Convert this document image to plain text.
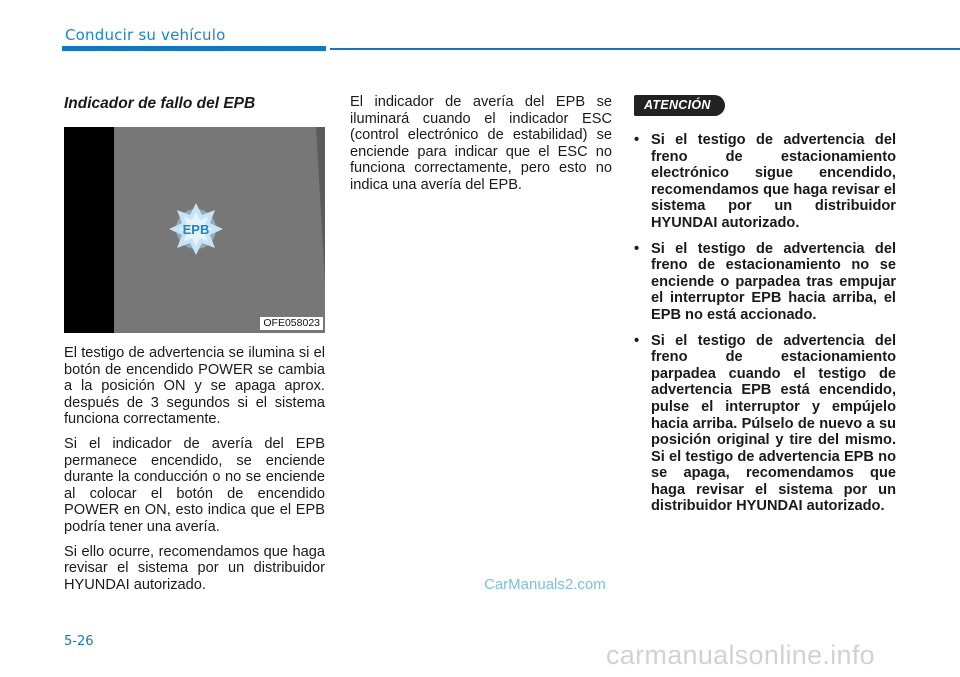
Conducir su vehículo
Indicador de fallo del EPB
EPB
OFE058023

El testigo de advertencia se ilumina si el botón de encendido POWER se cambia a la posición ON y se apaga aprox. después de 3 segundos si el sistema funciona correctamente.

Si el indicador de avería del EPB permanece encendido, se enciende durante la conducción o no se enciende al colocar el botón de encendido POWER en ON, esto indica que el EPB podría tener una avería.

Si ello ocurre, recomendamos que haga revisar el sistema por un distribuidor HYUNDAI autorizado.

El indicador de avería del EPB se iluminará cuando el indicador ESC (control electrónico de estabilidad) se enciende para indicar que el ESC no funciona correctamente, pero esto no indica una avería del EPB.

ATENCIÓN
• Si el testigo de advertencia del freno de estacionamiento electrónico sigue encendido, recomendamos que haga revisar el sistema por un distribuidor HYUNDAI autorizado.
• Si el testigo de advertencia del freno de estacionamiento no se enciende o parpadea tras empujar el interruptor EPB hacia arriba, el EPB no está accionado.
• Si el testigo de advertencia del freno de estacionamiento parpadea cuando el testigo de advertencia EPB está encendido, pulse el interruptor y empújelo hacia arriba. Púlselo de nuevo a su posición original y tire del mismo. Si el testigo de advertencia EPB no se apaga, recomendamos que haga revisar el sistema por un distribuidor HYUNDAI autorizado.
5-26
CarManuals2.com
carmanualsonline.info
